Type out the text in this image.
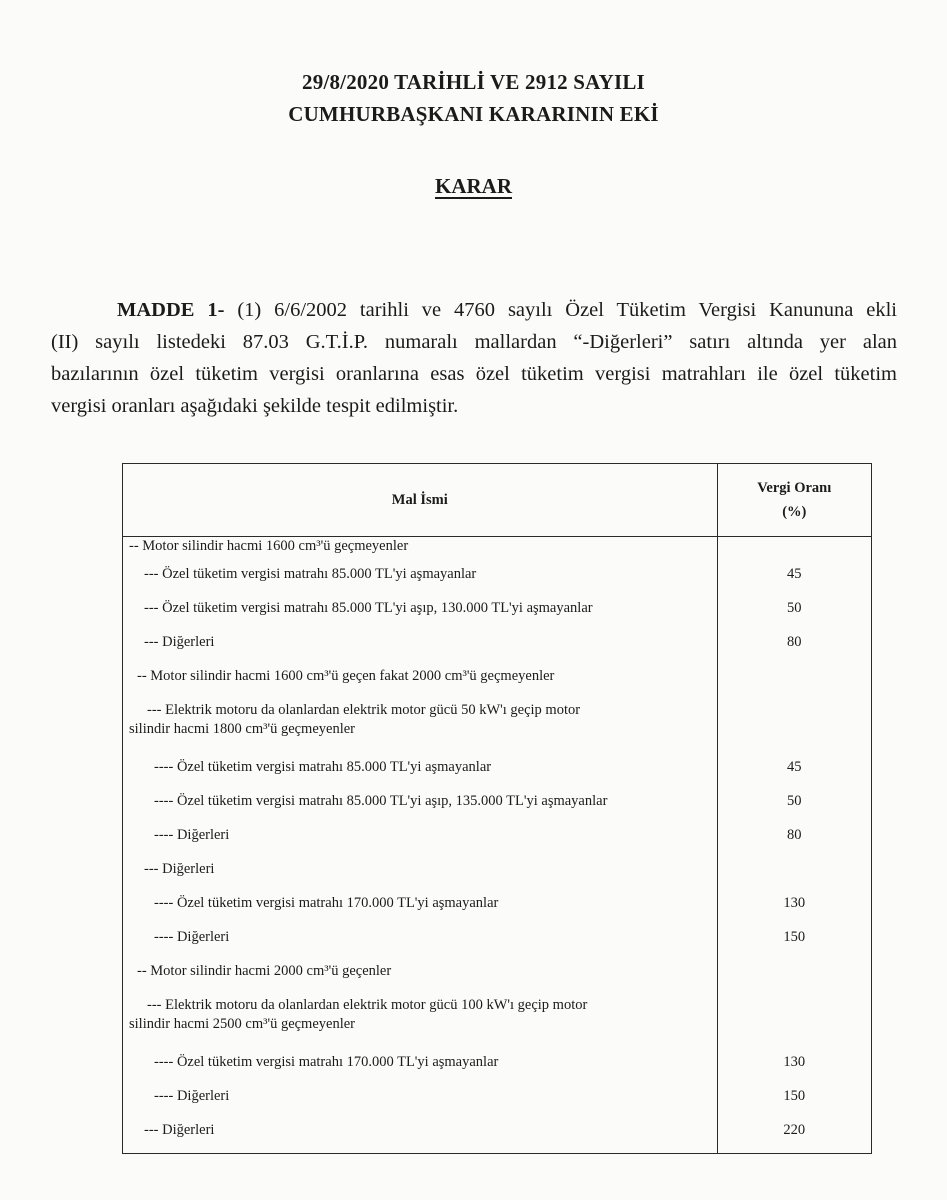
29/8/2020 TARİHLİ VE 2912 SAYILI
CUMHURBAŞKANI KARARININ EKİ
KARAR
MADDE 1- (1) 6/6/2002 tarihli ve 4760 sayılı Özel Tüketim Vergisi Kanununa ekli
(II) sayılı listedeki 87.03 G.T.İ.P. numaralı mallardan “-Diğerleri” satırı altında yer alan
bazılarının özel tüketim vergisi oranlarına esas özel tüketim vergisi matrahları ile özel tüketim
vergisi oranları aşağıdaki şekilde tespit edilmiştir.
Mal İsmi	Vergi Oranı
(%)

-- Motor silindir hacmi 1600 cm³'ü geçmeyenler	

--- Özel tüketim vergisi matrahı 85.000 TL'yi aşmayanlar	45

--- Özel tüketim vergisi matrahı 85.000 TL'yi aşıp, 130.000 TL'yi aşmayanlar	50

--- Diğerleri	80

-- Motor silindir hacmi 1600 cm³'ü geçen fakat 2000 cm³'ü geçmeyenler	

--- Elektrik motoru da olanlardan elektrik motor gücü 50 kW'ı geçip motor
silindir hacmi 1800 cm³'ü geçmeyenler	

---- Özel tüketim vergisi matrahı 85.000 TL'yi aşmayanlar	45

---- Özel tüketim vergisi matrahı 85.000 TL'yi aşıp, 135.000 TL'yi aşmayanlar	50

---- Diğerleri	80

--- Diğerleri	

---- Özel tüketim vergisi matrahı 170.000 TL'yi aşmayanlar	130

---- Diğerleri	150

-- Motor silindir hacmi 2000 cm³'ü geçenler	

--- Elektrik motoru da olanlardan elektrik motor gücü 100 kW'ı geçip motor
silindir hacmi 2500 cm³'ü geçmeyenler	

---- Özel tüketim vergisi matrahı 170.000 TL'yi aşmayanlar	130

---- Diğerleri	150

--- Diğerleri	220
